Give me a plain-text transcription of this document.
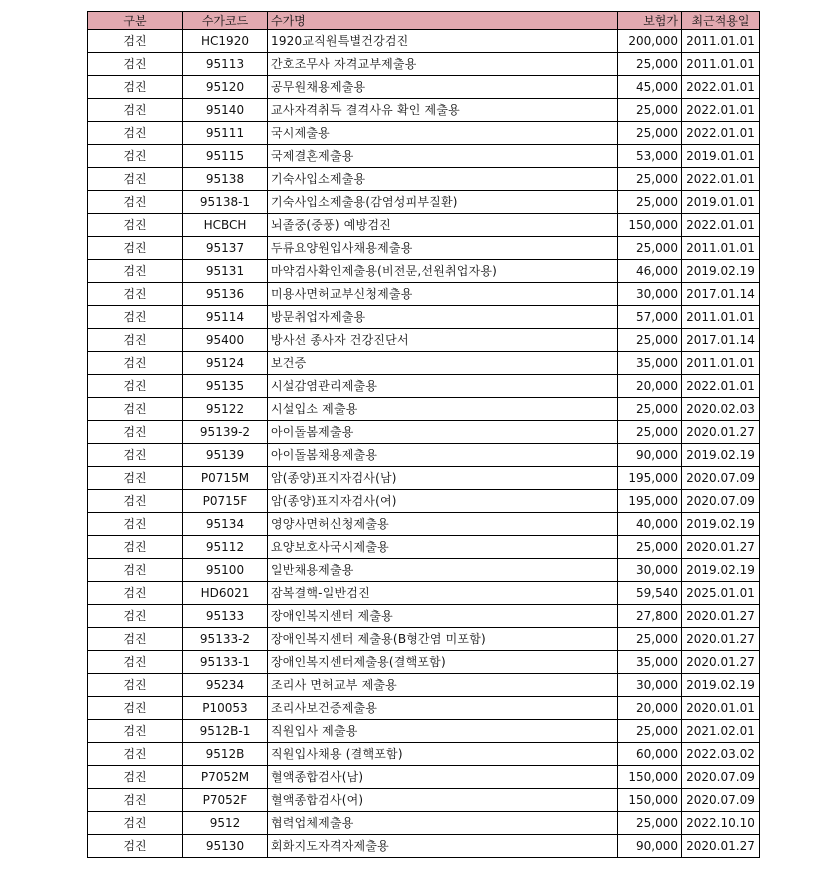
구분	수가코드	수가명	보험가	최근적용일
검진	HC1920	1920교직원특별건강검진	200,000	2011.01.01
검진	95113	간호조무사 자격교부제출용	25,000	2011.01.01
검진	95120	공무원채용제출용	45,000	2022.01.01
검진	95140	교사자격취득 결격사유 확인 제출용	25,000	2022.01.01
검진	95111	국시제출용	25,000	2022.01.01
검진	95115	국제결혼제출용	53,000	2019.01.01
검진	95138	기숙사입소제출용	25,000	2022.01.01
검진	95138-1	기숙사입소제출용(감염성피부질환)	25,000	2019.01.01
검진	HCBCH	뇌졸중(중풍) 예방검진	150,000	2022.01.01
검진	95137	두류요양원입사채용제출용	25,000	2011.01.01
검진	95131	마약검사확인제출용(비전문,선원취업자용)	46,000	2019.02.19
검진	95136	미용사면허교부신청제출용	30,000	2017.01.14
검진	95114	방문취업자제출용	57,000	2011.01.01
검진	95400	방사선 종사자 건강진단서	25,000	2017.01.14
검진	95124	보건증	35,000	2011.01.01
검진	95135	시설감염관리제출용	20,000	2022.01.01
검진	95122	시설입소 제출용	25,000	2020.02.03
검진	95139-2	아이돌봄제출용	25,000	2020.01.27
검진	95139	아이돌봄채용제출용	90,000	2019.02.19
검진	P0715M	암(종양)표지자검사(남)	195,000	2020.07.09
검진	P0715F	암(종양)표지자검사(여)	195,000	2020.07.09
검진	95134	영양사면허신청제출용	40,000	2019.02.19
검진	95112	요양보호사국시제출용	25,000	2020.01.27
검진	95100	일반채용제출용	30,000	2019.02.19
검진	HD6021	잠복결핵-일반검진	59,540	2025.01.01
검진	95133	장애인복지센터 제출용	27,800	2020.01.27
검진	95133-2	장애인복지센터 제출용(B형간염 미포함)	25,000	2020.01.27
검진	95133-1	장애인복지센터제출용(결핵포함)	35,000	2020.01.27
검진	95234	조리사 면허교부 제출용	30,000	2019.02.19
검진	P10053	조리사보건증제출용	20,000	2020.01.01
검진	9512B-1	직원입사 제출용	25,000	2021.02.01
검진	9512B	직원입사채용 (결핵포함)	60,000	2022.03.02
검진	P7052M	혈액종합검사(남)	150,000	2020.07.09
검진	P7052F	혈액종합검사(여)	150,000	2020.07.09
검진	9512	협력업체제출용	25,000	2022.10.10
검진	95130	회화지도자격자제출용	90,000	2020.01.27
